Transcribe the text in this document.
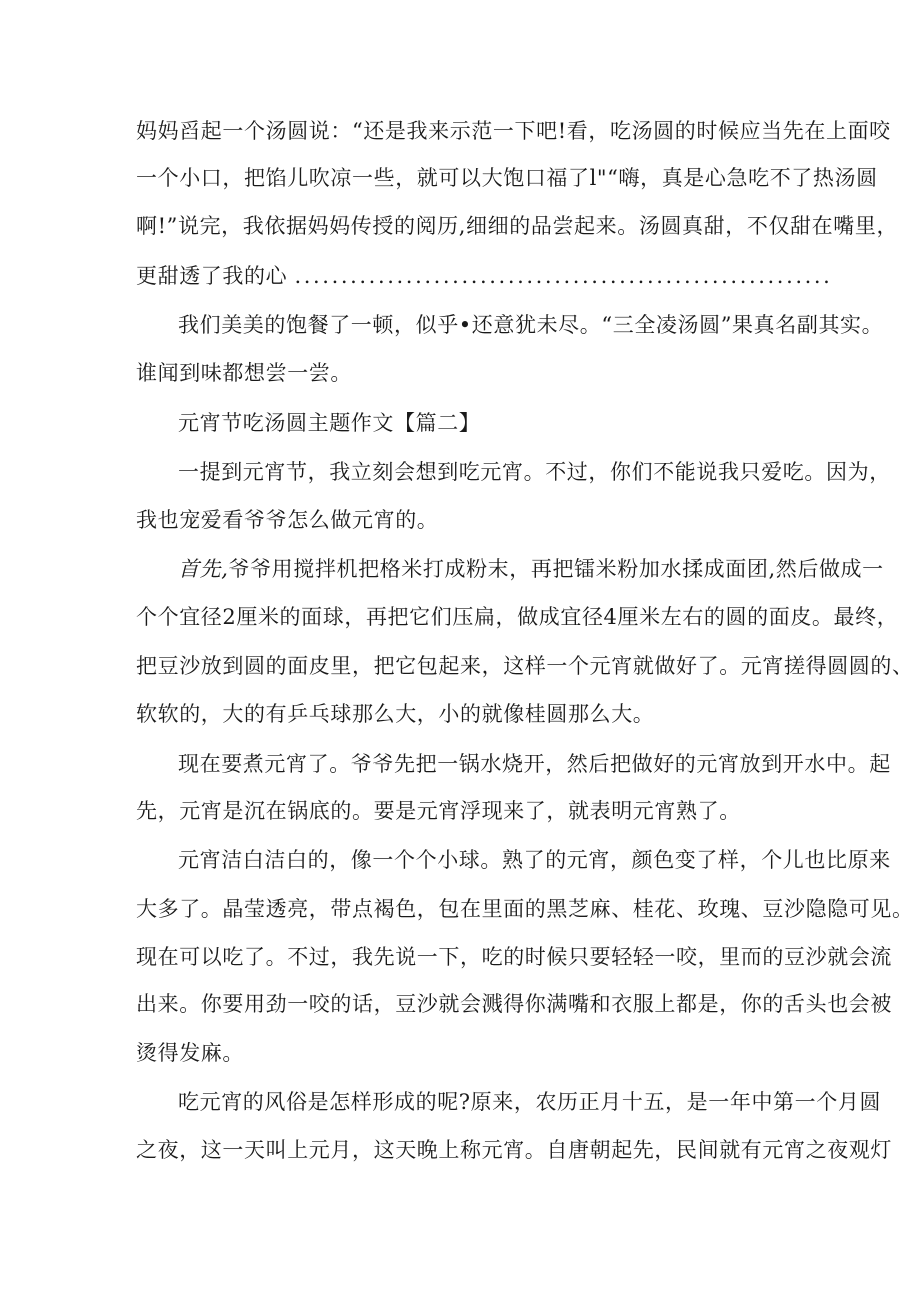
妈妈舀起一个汤圆说：“还是我来示范一下吧!看，吃汤圆的时候应当先在上面咬
一个小口，把馅儿吹凉一些，就可以大饱口福了l"“嗨，真是心急吃不了热汤圆
啊!”说完，我依据妈妈传授的阅历,细细的品尝起来。汤圆真甜，不仅甜在嘴里，
更甜透了我的心 ..........................................................
我们美美的饱餐了一顿，似乎•还意犹未尽。“三全凌汤圆”果真名副其实。
谁闻到味都想尝一尝。
元宵节吃汤圆主题作文【篇二】
一提到元宵节，我立刻会想到吃元宵。不过，你们不能说我只爱吃。因为，
我也宠爱看爷爷怎么做元宵的。
首先,爷爷用搅拌机把格米打成粉末，再把镭米粉加水揉成面团,然后做成一
个个宜径2厘米的面球，再把它们压扁，做成宜径4厘米左右的圆的面皮。最终，
把豆沙放到圆的面皮里，把它包起来，这样一个元宵就做好了。元宵搓得圆圆的、
软软的，大的有乒乓球那么大，小的就像桂圆那么大。
现在要煮元宵了。爷爷先把一锅水烧开，然后把做好的元宵放到开水中。起
先，元宵是沉在锅底的。要是元宵浮现来了，就表明元宵熟了。
元宵洁白洁白的，像一个个小球。熟了的元宵，颜色变了样，个儿也比原来
大多了。晶莹透亮，带点褐色，包在里面的黑芝麻、桂花、玫瑰、豆沙隐隐可见。
现在可以吃了。不过，我先说一下，吃的时候只要轻轻一咬，里而的豆沙就会流
出来。你要用劲一咬的话，豆沙就会溅得你满嘴和衣服上都是，你的舌头也会被
烫得发麻。
吃元宵的风俗是怎样形成的呢?原来，农历正月十五，是一年中第一个月圆
之夜，这一天叫上元月，这天晚上称元宵。自唐朝起先，民间就有元宵之夜观灯
